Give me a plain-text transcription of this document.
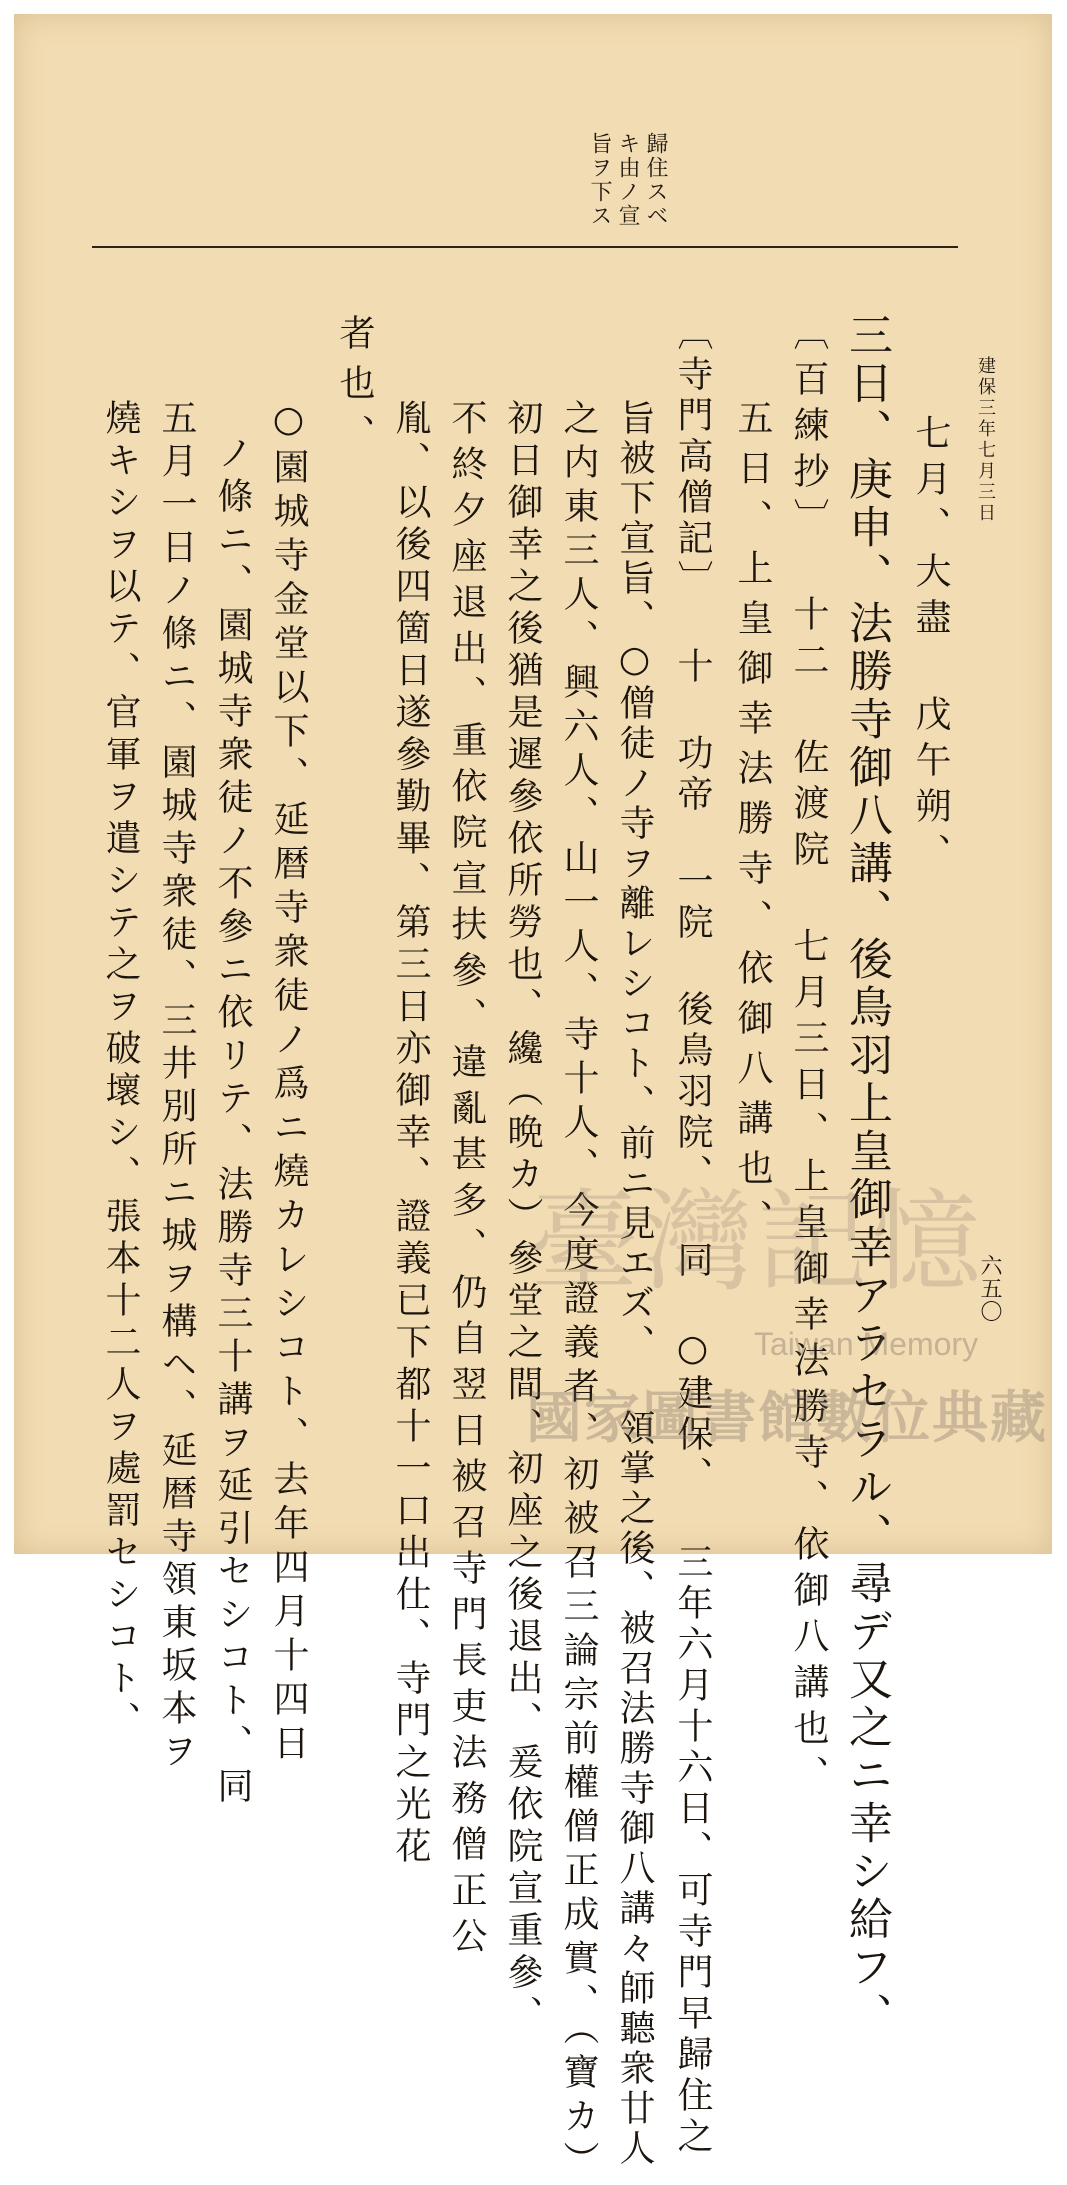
建保三年七月三日
六五〇
歸住スベ
キ由ノ宣
旨ヲ下ス
七月、大盡 戊午朔、
三日、庚申、法勝寺御八講、後鳥羽上皇御幸アラセラル、尋デ又之ニ幸シ給フ、
〔百練抄〕 十二 佐渡院 七月三日、上皇御幸法勝寺、依御八講也、
五日、上皇御幸法勝寺、依御八講也、
〔寺門高僧記〕 十 功帝 一院 後鳥羽院、 同 ○建保、 三年六月十六日、可寺門早歸住之
旨被下宣旨、○僧徒ノ寺ヲ離レシコト、前ニ見エズ、 領掌之後、被召法勝寺御八講々師聽衆廿人
之内東三人、興六人、山一人、寺十人、今度證義者、初被召三論宗前權僧正成實、（寶カ）
初日御幸之後猶是遲參依所勞也、纔（晩カ）參堂之間、初座之後退出、爰依院宣重參、
不終夕座退出、重依院宣扶參、違亂甚多、仍自翌日被召寺門長吏法務僧正公
胤、以後四箇日遂參勤畢、第三日亦御幸、證義已下都十一口出仕、寺門之光花
者也、
○園城寺金堂以下、延暦寺衆徒ノ爲ニ燒カレシコト、去年四月十四日
ノ條ニ、園城寺衆徒ノ不參ニ依リテ、法勝寺三十講ヲ延引セシコト、同
五月一日ノ條ニ、園城寺衆徒、三井別所ニ城ヲ構ヘ、延暦寺領東坂本ヲ
燒キシヲ以テ、官軍ヲ遣シテ之ヲ破壞シ、張本十二人ヲ處罰セシコト、	臺灣記憶
Taiwan Memory
國家圖書館數位典藏
